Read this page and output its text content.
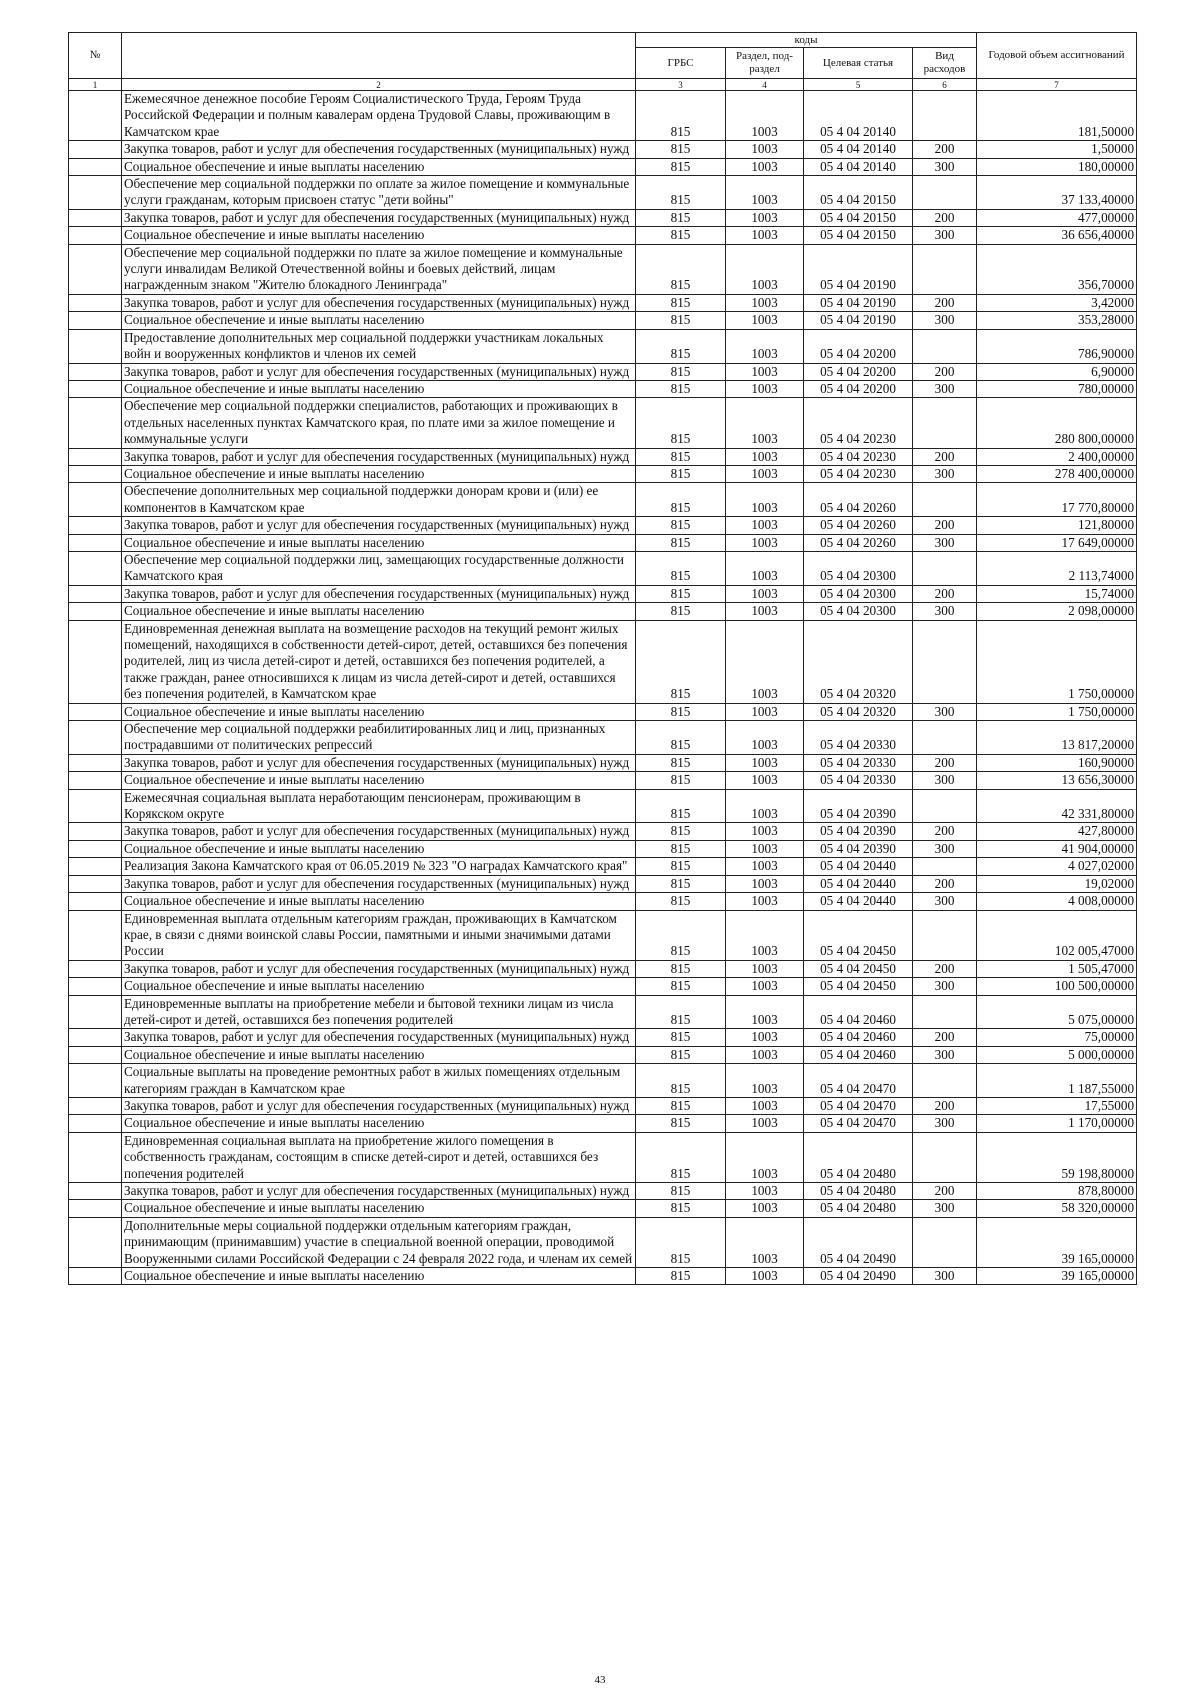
№		коды				Годовой объем ассигнований
		ГРБС	Раздел, под-раздел	Целевая статья	Вид расходов	
1	2	3	4	5	6	7
	Ежемесячное денежное пособие Героям Социалистического Труда, Героям Труда Российской Федерации и полным кавалерам ордена Трудовой Славы, проживающим в Камчатском крае	815	1003	05 4 04 20140		181,50000
	Закупка товаров, работ и услуг для обеспечения государственных (муниципальных) нужд	815	1003	05 4 04 20140	200	1,50000
	Социальное обеспечение и иные выплаты населению	815	1003	05 4 04 20140	300	180,00000
	Обеспечение мер социальной поддержки по оплате за жилое помещение и коммунальные услуги гражданам, которым присвоен статус "дети войны"	815	1003	05 4 04 20150		37 133,40000
	Закупка товаров, работ и услуг для обеспечения государственных (муниципальных) нужд	815	1003	05 4 04 20150	200	477,00000
	Социальное обеспечение и иные выплаты населению	815	1003	05 4 04 20150	300	36 656,40000
	Обеспечение мер социальной поддержки по плате за жилое помещение и коммунальные услуги инвалидам Великой Отечественной войны и боевых действий, лицам награжденным знаком "Жителю блокадного Ленинграда"	815	1003	05 4 04 20190		356,70000
	Закупка товаров, работ и услуг для обеспечения государственных (муниципальных) нужд	815	1003	05 4 04 20190	200	3,42000
	Социальное обеспечение и иные выплаты населению	815	1003	05 4 04 20190	300	353,28000
	Предоставление дополнительных мер социальной поддержки участникам локальных войн и вооруженных конфликтов и членов их семей	815	1003	05 4 04 20200		786,90000
	Закупка товаров, работ и услуг для обеспечения государственных (муниципальных) нужд	815	1003	05 4 04 20200	200	6,90000
	Социальное обеспечение и иные выплаты населению	815	1003	05 4 04 20200	300	780,00000
	Обеспечение мер социальной поддержки специалистов, работающих и проживающих в отдельных населенных пунктах Камчатского края, по плате ими за жилое помещение и коммунальные услуги	815	1003	05 4 04 20230		280 800,00000
	Закупка товаров, работ и услуг для обеспечения государственных (муниципальных) нужд	815	1003	05 4 04 20230	200	2 400,00000
	Социальное обеспечение и иные выплаты населению	815	1003	05 4 04 20230	300	278 400,00000
	Обеспечение дополнительных мер социальной поддержки донорам крови и (или) ее компонентов в Камчатском крае	815	1003	05 4 04 20260		17 770,80000
	Закупка товаров, работ и услуг для обеспечения государственных (муниципальных) нужд	815	1003	05 4 04 20260	200	121,80000
	Социальное обеспечение и иные выплаты населению	815	1003	05 4 04 20260	300	17 649,00000
	Обеспечение мер социальной поддержки лиц, замещающих государственные должности Камчатского края	815	1003	05 4 04 20300		2 113,74000
	Закупка товаров, работ и услуг для обеспечения государственных (муниципальных) нужд	815	1003	05 4 04 20300	200	15,74000
	Социальное обеспечение и иные выплаты населению	815	1003	05 4 04 20300	300	2 098,00000
	Единовременная денежная выплата на возмещение расходов на текущий ремонт жилых помещений, находящихся в собственности детей-сирот, детей, оставшихся без попечения родителей, лиц из числа детей-сирот и детей, оставшихся без попечения родителей, а также граждан, ранее относившихся к лицам из числа детей-сирот и детей, оставшихся без попечения родителей, в Камчатском крае	815	1003	05 4 04 20320		1 750,00000
	Социальное обеспечение и иные выплаты населению	815	1003	05 4 04 20320	300	1 750,00000
	Обеспечение мер социальной поддержки реабилитированных лиц и лиц, признанных пострадавшими от политических репрессий	815	1003	05 4 04 20330		13 817,20000
	Закупка товаров, работ и услуг для обеспечения государственных (муниципальных) нужд	815	1003	05 4 04 20330	200	160,90000
	Социальное обеспечение и иные выплаты населению	815	1003	05 4 04 20330	300	13 656,30000
	Ежемесячная социальная выплата неработающим пенсионерам, проживающим в Корякском округе	815	1003	05 4 04 20390		42 331,80000
	Закупка товаров, работ и услуг для обеспечения государственных (муниципальных) нужд	815	1003	05 4 04 20390	200	427,80000
	Социальное обеспечение и иные выплаты населению	815	1003	05 4 04 20390	300	41 904,00000
	Реализация Закона Камчатского края от 06.05.2019 № 323 "О наградах Камчатского края"	815	1003	05 4 04 20440		4 027,02000
	Закупка товаров, работ и услуг для обеспечения государственных (муниципальных) нужд	815	1003	05 4 04 20440	200	19,02000
	Социальное обеспечение и иные выплаты населению	815	1003	05 4 04 20440	300	4 008,00000
	Единовременная выплата отдельным категориям граждан, проживающих в Камчатском крае, в связи с днями воинской славы России, памятными и иными значимыми датами России	815	1003	05 4 04 20450		102 005,47000
	Закупка товаров, работ и услуг для обеспечения государственных (муниципальных) нужд	815	1003	05 4 04 20450	200	1 505,47000
	Социальное обеспечение и иные выплаты населению	815	1003	05 4 04 20450	300	100 500,00000
	Единовременные выплаты на приобретение мебели и бытовой техники лицам из числа детей-сирот и детей, оставшихся без попечения родителей	815	1003	05 4 04 20460		5 075,00000
	Закупка товаров, работ и услуг для обеспечения государственных (муниципальных) нужд	815	1003	05 4 04 20460	200	75,00000
	Социальное обеспечение и иные выплаты населению	815	1003	05 4 04 20460	300	5 000,00000
	Социальные выплаты на проведение ремонтных работ в жилых помещениях отдельным категориям граждан в Камчатском крае	815	1003	05 4 04 20470		1 187,55000
	Закупка товаров, работ и услуг для обеспечения государственных (муниципальных) нужд	815	1003	05 4 04 20470	200	17,55000
	Социальное обеспечение и иные выплаты населению	815	1003	05 4 04 20470	300	1 170,00000
	Единовременная социальная выплата на приобретение жилого помещения в собственность гражданам, состоящим в списке детей-сирот и детей, оставшихся без попечения родителей	815	1003	05 4 04 20480		59 198,80000
	Закупка товаров, работ и услуг для обеспечения государственных (муниципальных) нужд	815	1003	05 4 04 20480	200	878,80000
	Социальное обеспечение и иные выплаты населению	815	1003	05 4 04 20480	300	58 320,00000
	Дополнительные меры социальной поддержки отдельным категориям граждан, принимающим (принимавшим) участие в специальной военной операции, проводимой Вооруженными силами Российской Федерации с 24 февраля 2022 года, и членам их семей	815	1003	05 4 04 20490		39 165,00000
	Социальное обеспечение и иные выплаты населению	815	1003	05 4 04 20490	300	39 165,00000
43
